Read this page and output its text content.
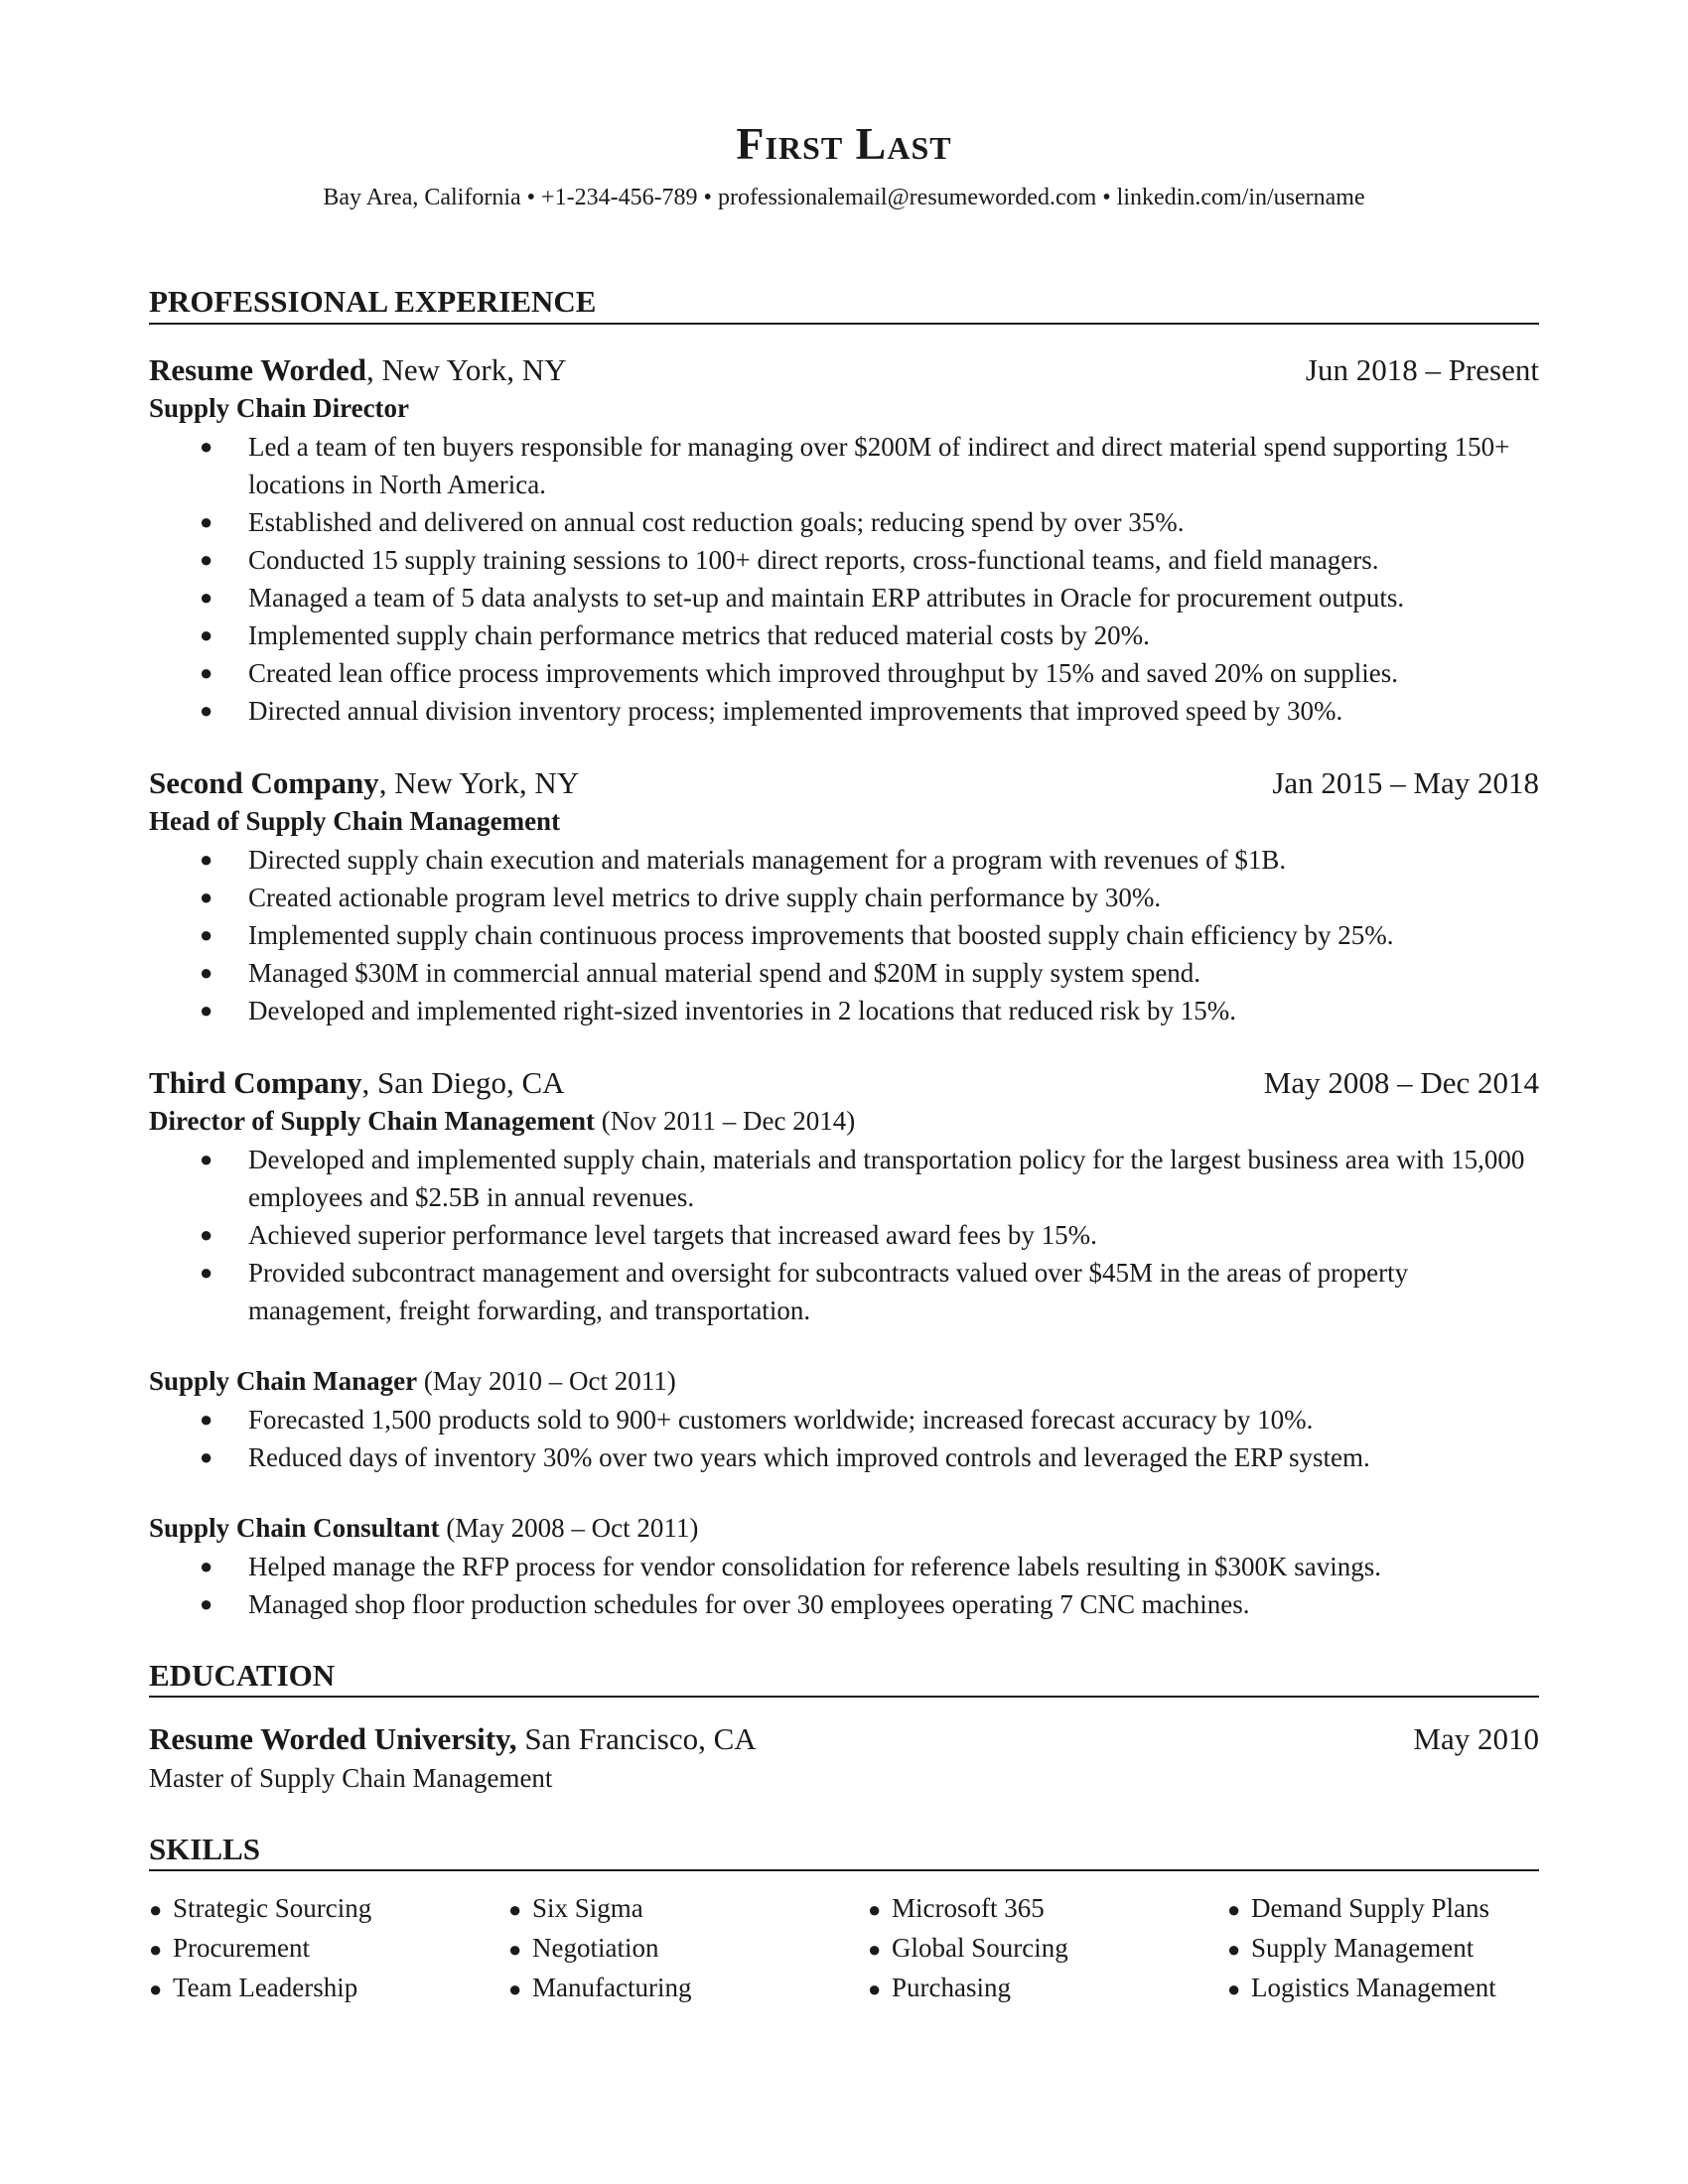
First Last
Bay Area, California • +1-234-456-789 • professionalemail@resumeworded.com • linkedin.com/in/username
PROFESSIONAL EXPERIENCE
Resume Worded, New York, NY	Jun 2018 – Present
Supply Chain Director
● Led a team of ten buyers responsible for managing over $200M of indirect and direct material spend supporting 150+ locations in North America.
● Established and delivered on annual cost reduction goals; reducing spend by over 35%.
● Conducted 15 supply training sessions to 100+ direct reports, cross-functional teams, and field managers.
● Managed a team of 5 data analysts to set-up and maintain ERP attributes in Oracle for procurement outputs.
● Implemented supply chain performance metrics that reduced material costs by 20%.
● Created lean office process improvements which improved throughput by 15% and saved 20% on supplies.
● Directed annual division inventory process; implemented improvements that improved speed by 30%.
Second Company, New York, NY	Jan 2015 – May 2018
Head of Supply Chain Management
● Directed supply chain execution and materials management for a program with revenues of $1B.
● Created actionable program level metrics to drive supply chain performance by 30%.
● Implemented supply chain continuous process improvements that boosted supply chain efficiency by 25%.
● Managed $30M in commercial annual material spend and $20M in supply system spend.
● Developed and implemented right-sized inventories in 2 locations that reduced risk by 15%.
Third Company, San Diego, CA	May 2008 – Dec 2014
Director of Supply Chain Management (Nov 2011 – Dec 2014)
● Developed and implemented supply chain, materials and transportation policy for the largest business area with 15,000 employees and $2.5B in annual revenues.
● Achieved superior performance level targets that increased award fees by 15%.
● Provided subcontract management and oversight for subcontracts valued over $45M in the areas of property management, freight forwarding, and transportation.
Supply Chain Manager (May 2010 – Oct 2011)
● Forecasted 1,500 products sold to 900+ customers worldwide; increased forecast accuracy by 10%.
● Reduced days of inventory 30% over two years which improved controls and leveraged the ERP system.
Supply Chain Consultant (May 2008 – Oct 2011)
● Helped manage the RFP process for vendor consolidation for reference labels resulting in $300K savings.
● Managed shop floor production schedules for over 30 employees operating 7 CNC machines.
EDUCATION
Resume Worded University, San Francisco, CA	May 2010
Master of Supply Chain Management
SKILLS
● Strategic Sourcing	● Six Sigma	● Microsoft 365	● Demand Supply Plans
● Procurement	● Negotiation	● Global Sourcing	● Supply Management
● Team Leadership	● Manufacturing	● Purchasing	● Logistics Management
